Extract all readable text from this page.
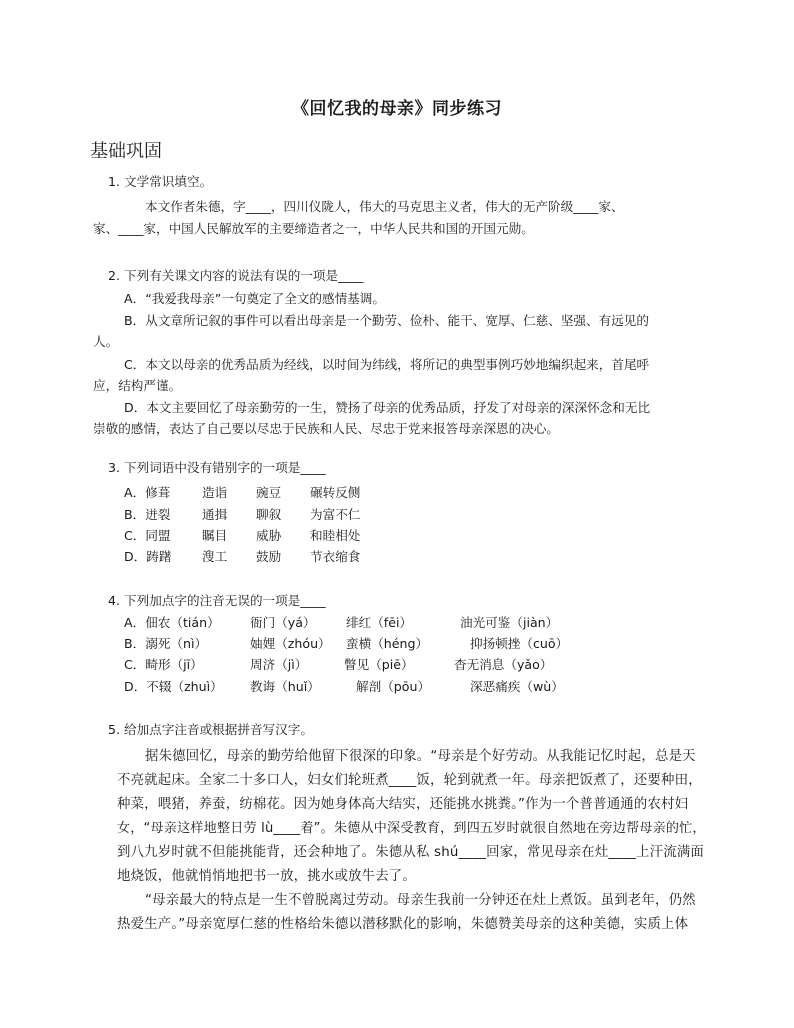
《回忆我的母亲》同步练习
基础巩固
1. 文学常识填空。
本文作者朱德，字____，四川仪陇人，伟大的马克思主义者，伟大的无产阶级____家、
家、____家，中国人民解放军的主要缔造者之一，中华人民共和国的开国元勋。
2. 下列有关课文内容的说法有误的一项是____
A．“我爱我母亲”一句奠定了全文的感情基调。
B．从文章所记叙的事件可以看出母亲是一个勤劳、俭朴、能干、宽厚、仁慈、坚强、有远见的
人。
C．本文以母亲的优秀品质为经线，以时间为纬线，将所记的典型事例巧妙地编织起来，首尾呼
应，结构严谨。
D．本文主要回忆了母亲勤劳的一生，赞扬了母亲的优秀品质，抒发了对母亲的深深怀念和无比
崇敬的感情，表达了自己要以尽忠于民族和人民、尽忠于党来报答母亲深恩的决心。
3. 下列词语中没有错别字的一项是____
A．修葺	造诣 豌豆 碾转反侧
B．迸裂	通揖 聊叙 为富不仁
C．同盟 瞩目 威胁 和睦相处
D．踌躇 溲工 鼓励 节衣缩食
4. 下列加点字的注音无误的一项是____
A．佃农（tián） 衙门（yá） 绯红（fēi）	油光可鉴（jiàn）
B．溺死（nì）	妯娌（zhóu） 蛮横（héng）	抑扬顿挫（cuō）
C．畸形（jī）	周济（jì）	瞥见（piē）	杳无消息（yǎo）
D．不辍（zhuì） 教诲（huǐ）	解剖（pōu）	深恶痛疾（wù）
5. 给加点字注音或根据拼音写汉字。
据朱德回忆，母亲的勤劳给他留下很深的印象。“母亲是个好劳动。从我能记忆时起，总是天
不亮就起床。全家二十多口人，妇女们轮班煮____饭，轮到就煮一年。母亲把饭煮了，还要种田，
种菜，喂猪，养蚕，纺棉花。因为她身体高大结实，还能挑水挑粪。”作为一个普普通通的农村妇
女，“母亲这样地整日劳 lù____着”。朱德从中深受教育，到四五岁时就很自然地在旁边帮母亲的忙，
到八九岁时就不但能挑能背，还会种地了。朱德从私 shú____回家，常见母亲在灶____上汗流满面
地烧饭，他就悄悄地把书一放，挑水或放牛去了。
“母亲最大的特点是一生不曾脱离过劳动。母亲生我前一分钟还在灶上煮饭。虽到老年，仍然
热爱生产。”母亲宽厚仁慈的性格给朱德以潜移默化的影响，朱德赞美母亲的这种美德，实质上体
